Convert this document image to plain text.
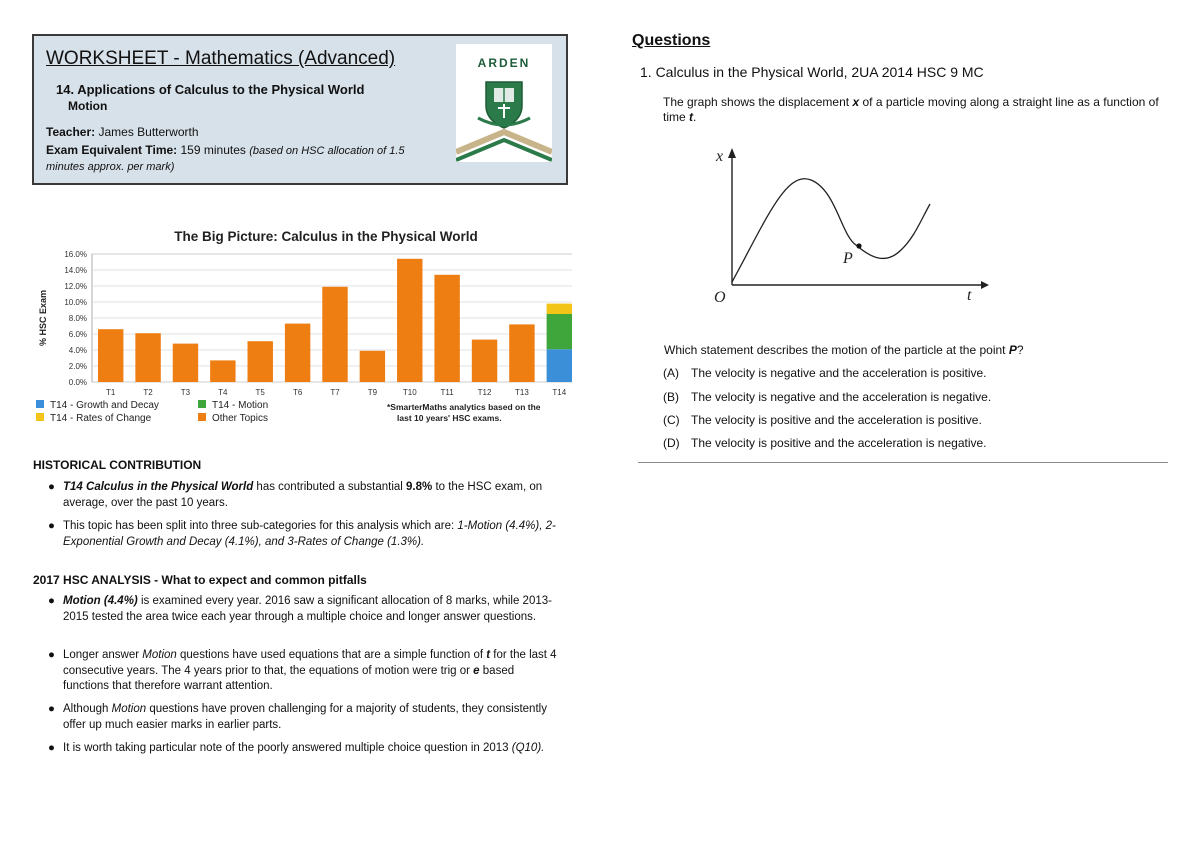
WORKSHEET - Mathematics (Advanced)
14. Applications of Calculus to the Physical World
Motion
Teacher: James Butterworth
Exam Equivalent Time: 159 minutes (based on HSC allocation of 1.5 minutes approx. per mark)
ARDEN
The Big Picture: Calculus in the Physical World
% HSC Exam
0.0%
2.0%
4.0%
6.0%
8.0%
10.0%
12.0%
14.0%
16.0%
T1	T2	T3	T4	T5	T6	T7	T9	T10	T11	T12	T13	T14
T14 - Growth and Decay	T14 - Motion
T14 - Rates of Change	Other Topics
*SmarterMaths analytics based on the
last 10 years' HSC exams.
HISTORICAL CONTRIBUTION
● T14 Calculus in the Physical World has contributed a substantial 9.8% to the HSC exam, on average, over the past 10 years.
● This topic has been split into three sub-categories for this analysis which are: 1-Motion (4.4%), 2-Exponential Growth and Decay (4.1%), and 3-Rates of Change (1.3%).
2017 HSC ANALYSIS - What to expect and common pitfalls
● Motion (4.4%) is examined every year. 2016 saw a significant allocation of 8 marks, while 2013-2015 tested the area twice each year through a multiple choice and longer answer questions.
● Longer answer Motion questions have used equations that are a simple function of t for the last 4 consecutive years. The 4 years prior to that, the equations of motion were trig or e based functions that therefore warrant attention.
● Although Motion questions have proven challenging for a majority of students, they consistently offer up much easier marks in earlier parts.
● It is worth taking particular note of the poorly answered multiple choice question in 2013 (Q10).
Questions
1. Calculus in the Physical World, 2UA 2014 HSC 9 MC
The graph shows the displacement x of a particle moving along a straight line as a function of time t.
x
t
O
P
Which statement describes the motion of the particle at the point P?
(A) The velocity is negative and the acceleration is positive.
(B) The velocity is negative and the acceleration is negative.
(C) The velocity is positive and the acceleration is positive.
(D) The velocity is positive and the acceleration is negative.
